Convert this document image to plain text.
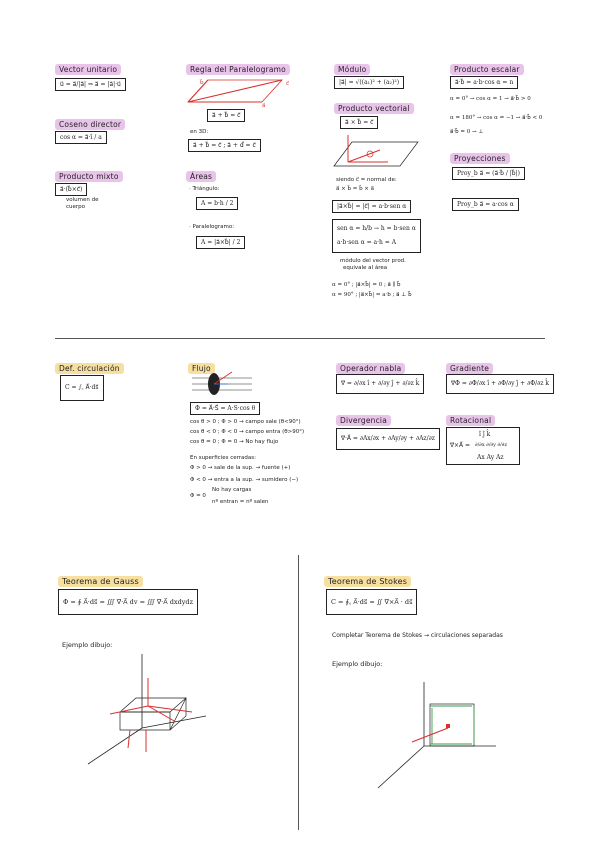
Vector unitario
u⃗ = a⃗/|a⃗| ⇒ a⃗ = |a⃗|·u⃗
Coseno director
cos α = a⃗·î / a
Producto mixto
a⃗·(b⃗×c⃗)
volumen de
cuerpo
Regla del Paralelogramo
b⃗	c⃗
a⃗
a⃗ + b⃗ = c⃗
en 3D:
a⃗ + b⃗ = c⃗ ; a⃗ + d⃗ = c⃗
Áreas
· Triángulo:
A = b·h / 2
· Paralelogramo:
A = |a⃗×b⃗| / 2
Módulo
|a⃗| = √((a₁)² + (a₂)²)
Producto vectorial
a⃗ × b⃗ = c⃗
siendo c⃗ = normal de:
a⃗ × b⃗ = b⃗ × a⃗
|a⃗×b⃗| = |c⃗| = a·b·sen α
sen α = h/b → h = b·sen α
a·b·sen α = a·h = A
módulo del vector prod.
equivale al área
α = 0° ; |a⃗×b⃗| = 0 ; a⃗ ∥ b⃗
α = 90° ; |a⃗×b⃗| = a·b ; a⃗ ⊥ b⃗
Producto escalar
a⃗·b⃗ = a·b·cos α = n
α = 0° → cos α = 1 → a⃗·b⃗ > 0
α = 180° → cos α = −1 → a⃗·b⃗ < 0
a⃗·b⃗ = 0 → ⊥
Proyecciones
Proy_b a⃗ = (a⃗·b⃗ / |b⃗|)
Proy_b a⃗ = a·cos α
Def. circulación
C = ∫꜀ A⃗·ds⃗
Flujo
Φ = A⃗·S⃗ = A·S·cos θ
cos θ > 0 ; Φ > 0 → campo sale (θ<90°)
cos θ < 0 ; Φ < 0 → campo entra (θ>90°)
cos θ = 0 ; Φ = 0 → No hay flujo
En superficies cerradas:
Φ > 0 → sale de la sup. → fuente (+)
Φ < 0 → entra a la sup. → sumidero (−)
Φ = 0
No hay cargas
nº entran = nº salen
Operador nabla
∇⃗ = ∂/∂x î + ∂/∂y ĵ + ∂/∂z k̂
Divergencia
∇⃗·A⃗ = ∂Ax/∂x + ∂Ay/∂y + ∂Az/∂z
Gradiente
∇⃗Φ = ∂Φ/∂x î + ∂Φ/∂y ĵ + ∂Φ/∂z k̂
Rotacional
∇⃗×A⃗ =
î ĵ k̂
∂/∂x ∂/∂y ∂/∂z
Ax Ay Az
Teorema de Gauss
Φ = ∮ A⃗·ds⃗ = ∭ ∇⃗·A⃗ dv = ∭ ∇⃗·A⃗ dxdydz
Ejemplo dibujo:
Teorema de Stokes
C = ∮꜀ A⃗·ds⃗ = ∬ ∇⃗×A⃗ · ds⃗
Completar Teorema de Stokes → circulaciones separadas
Ejemplo dibujo:
